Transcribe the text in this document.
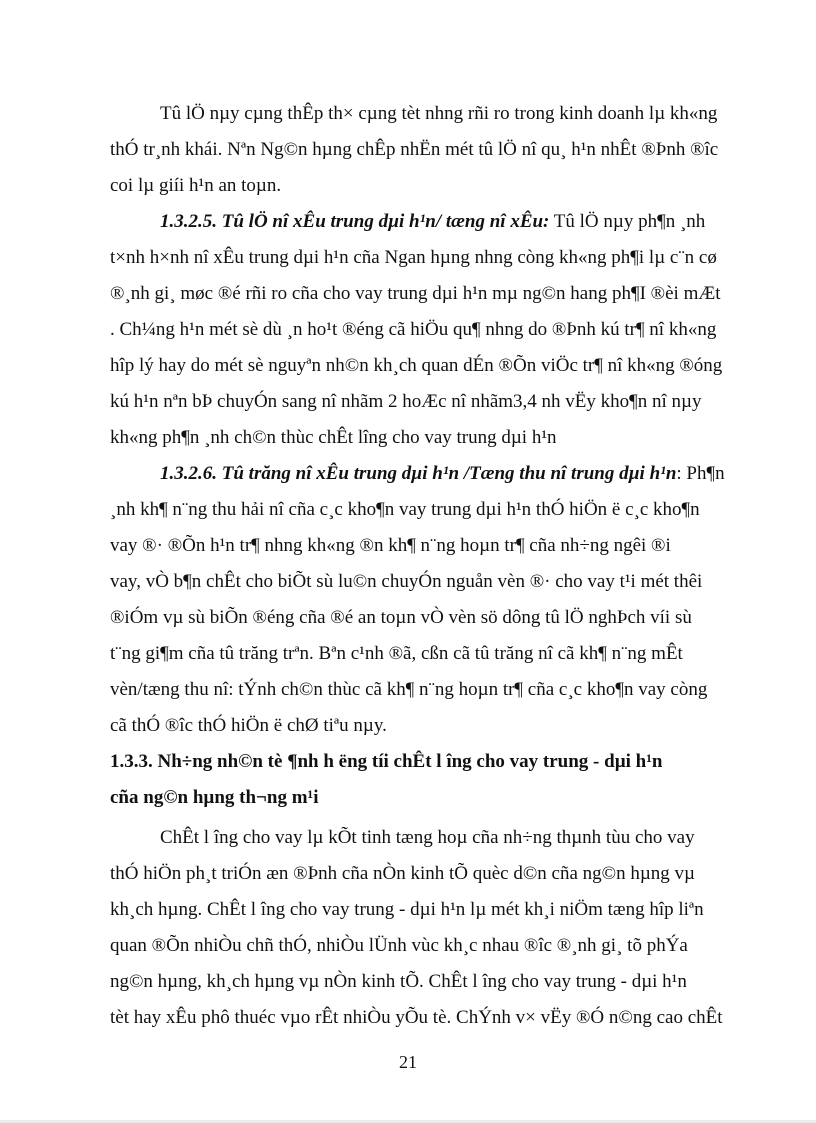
Tû lÖ nµy cµng thÊp th× cµng tèt nhng rñi ro trong kinh doanh lµ kh«ng
thÓ tr¸nh khái. Nªn Ng©n hµng chÊp nhËn mét tû lÖ nî qu¸ h¹n nhÊt ®Þnh ®îc
coi lµ giíi h¹n an toµn.
1.3.2.5. Tû lÖ nî xÊu trung dµi h¹n/ tæng nî xÊu: Tû lÖ nµy ph¶n ¸nh
t×nh h×nh nî xÊu trung dµi h¹n cña Ngan hµng nhng còng kh«ng ph¶i lµ c¨n cø
®¸nh gi¸ møc ®é rñi ro cña cho vay trung dµi h¹n mµ ng©n hang ph¶I ®èi mÆt
. Ch¼ng h¹n mét sè dù ¸n ho¹t ®éng cã hiÖu qu¶ nhng do ®Þnh kú tr¶ nî kh«ng
hîp lý hay do mét sè nguyªn nh©n kh¸ch quan dÉn ®Õn viÖc tr¶ nî kh«ng ®óng
kú h¹n nªn bÞ chuyÓn sang nî nhãm 2 hoÆc nî nhãm3,4 nh vËy kho¶n nî nµy
kh«ng ph¶n ¸nh ch©n thùc chÊt lîng cho vay trung dµi h¹n
1.3.2.6. Tû trăng nî xÊu trung dµi h¹n /Tæng thu nî trung dµi h¹n: Ph¶n
¸nh kh¶ n¨ng thu hải nî cña c¸c kho¶n vay trung dµi h¹n thÓ hiÖn ë c¸c kho¶n
vay ®· ®Õn h¹n tr¶ nhng kh«ng ®n kh¶ n¨ng hoµn tr¶ cña nh÷ng ngêi ®i
vay, vÒ b¶n chÊt cho biÕt sù lu©n chuyÓn nguån vèn ®· cho vay t¹i mét thêi
®iÓm vµ sù biÕn ®éng cña ®é an toµn vÒ vèn sö dông tû lÖ nghÞch víi sù
t¨ng gi¶m cña tû trăng trªn. Bªn c¹nh ®ã, cßn cã tû trăng nî cã kh¶ n¨ng mÊt
vèn/tæng thu nî: tÝnh ch©n thùc cã kh¶ n¨ng hoµn tr¶ cña c¸c kho¶n vay còng
cã thÓ ®îc thÓ hiÖn ë chØ tiªu nµy.
1.3.3. Nh÷ng nh©n tè ¶nh h ëng tíi chÊt l îng cho vay trung - dµi h¹n
cña ng©n hµng th¬ng m¹i
ChÊt l îng cho vay lµ kÕt tinh tæng hoµ cña nh÷ng thµnh tùu cho vay
thÓ hiÖn ph¸t triÓn æn ®Þnh cña nÒn kinh tÕ quèc d©n cña ng©n hµng vµ
kh¸ch hµng. ChÊt l îng cho vay trung - dµi h¹n lµ mét kh¸i niÖm tæng hîp liªn
quan ®Õn nhiÒu chñ thÓ, nhiÒu lÜnh vùc kh¸c nhau ®îc ®¸nh gi¸ tõ phÝa
ng©n hµng, kh¸ch hµng vµ nÒn kinh tÕ. ChÊt l îng cho vay trung - dµi h¹n
tèt hay xÊu phô thuéc vµo rÊt nhiÒu yÕu tè. ChÝnh v× vËy ®Ó n©ng cao chÊt
21
